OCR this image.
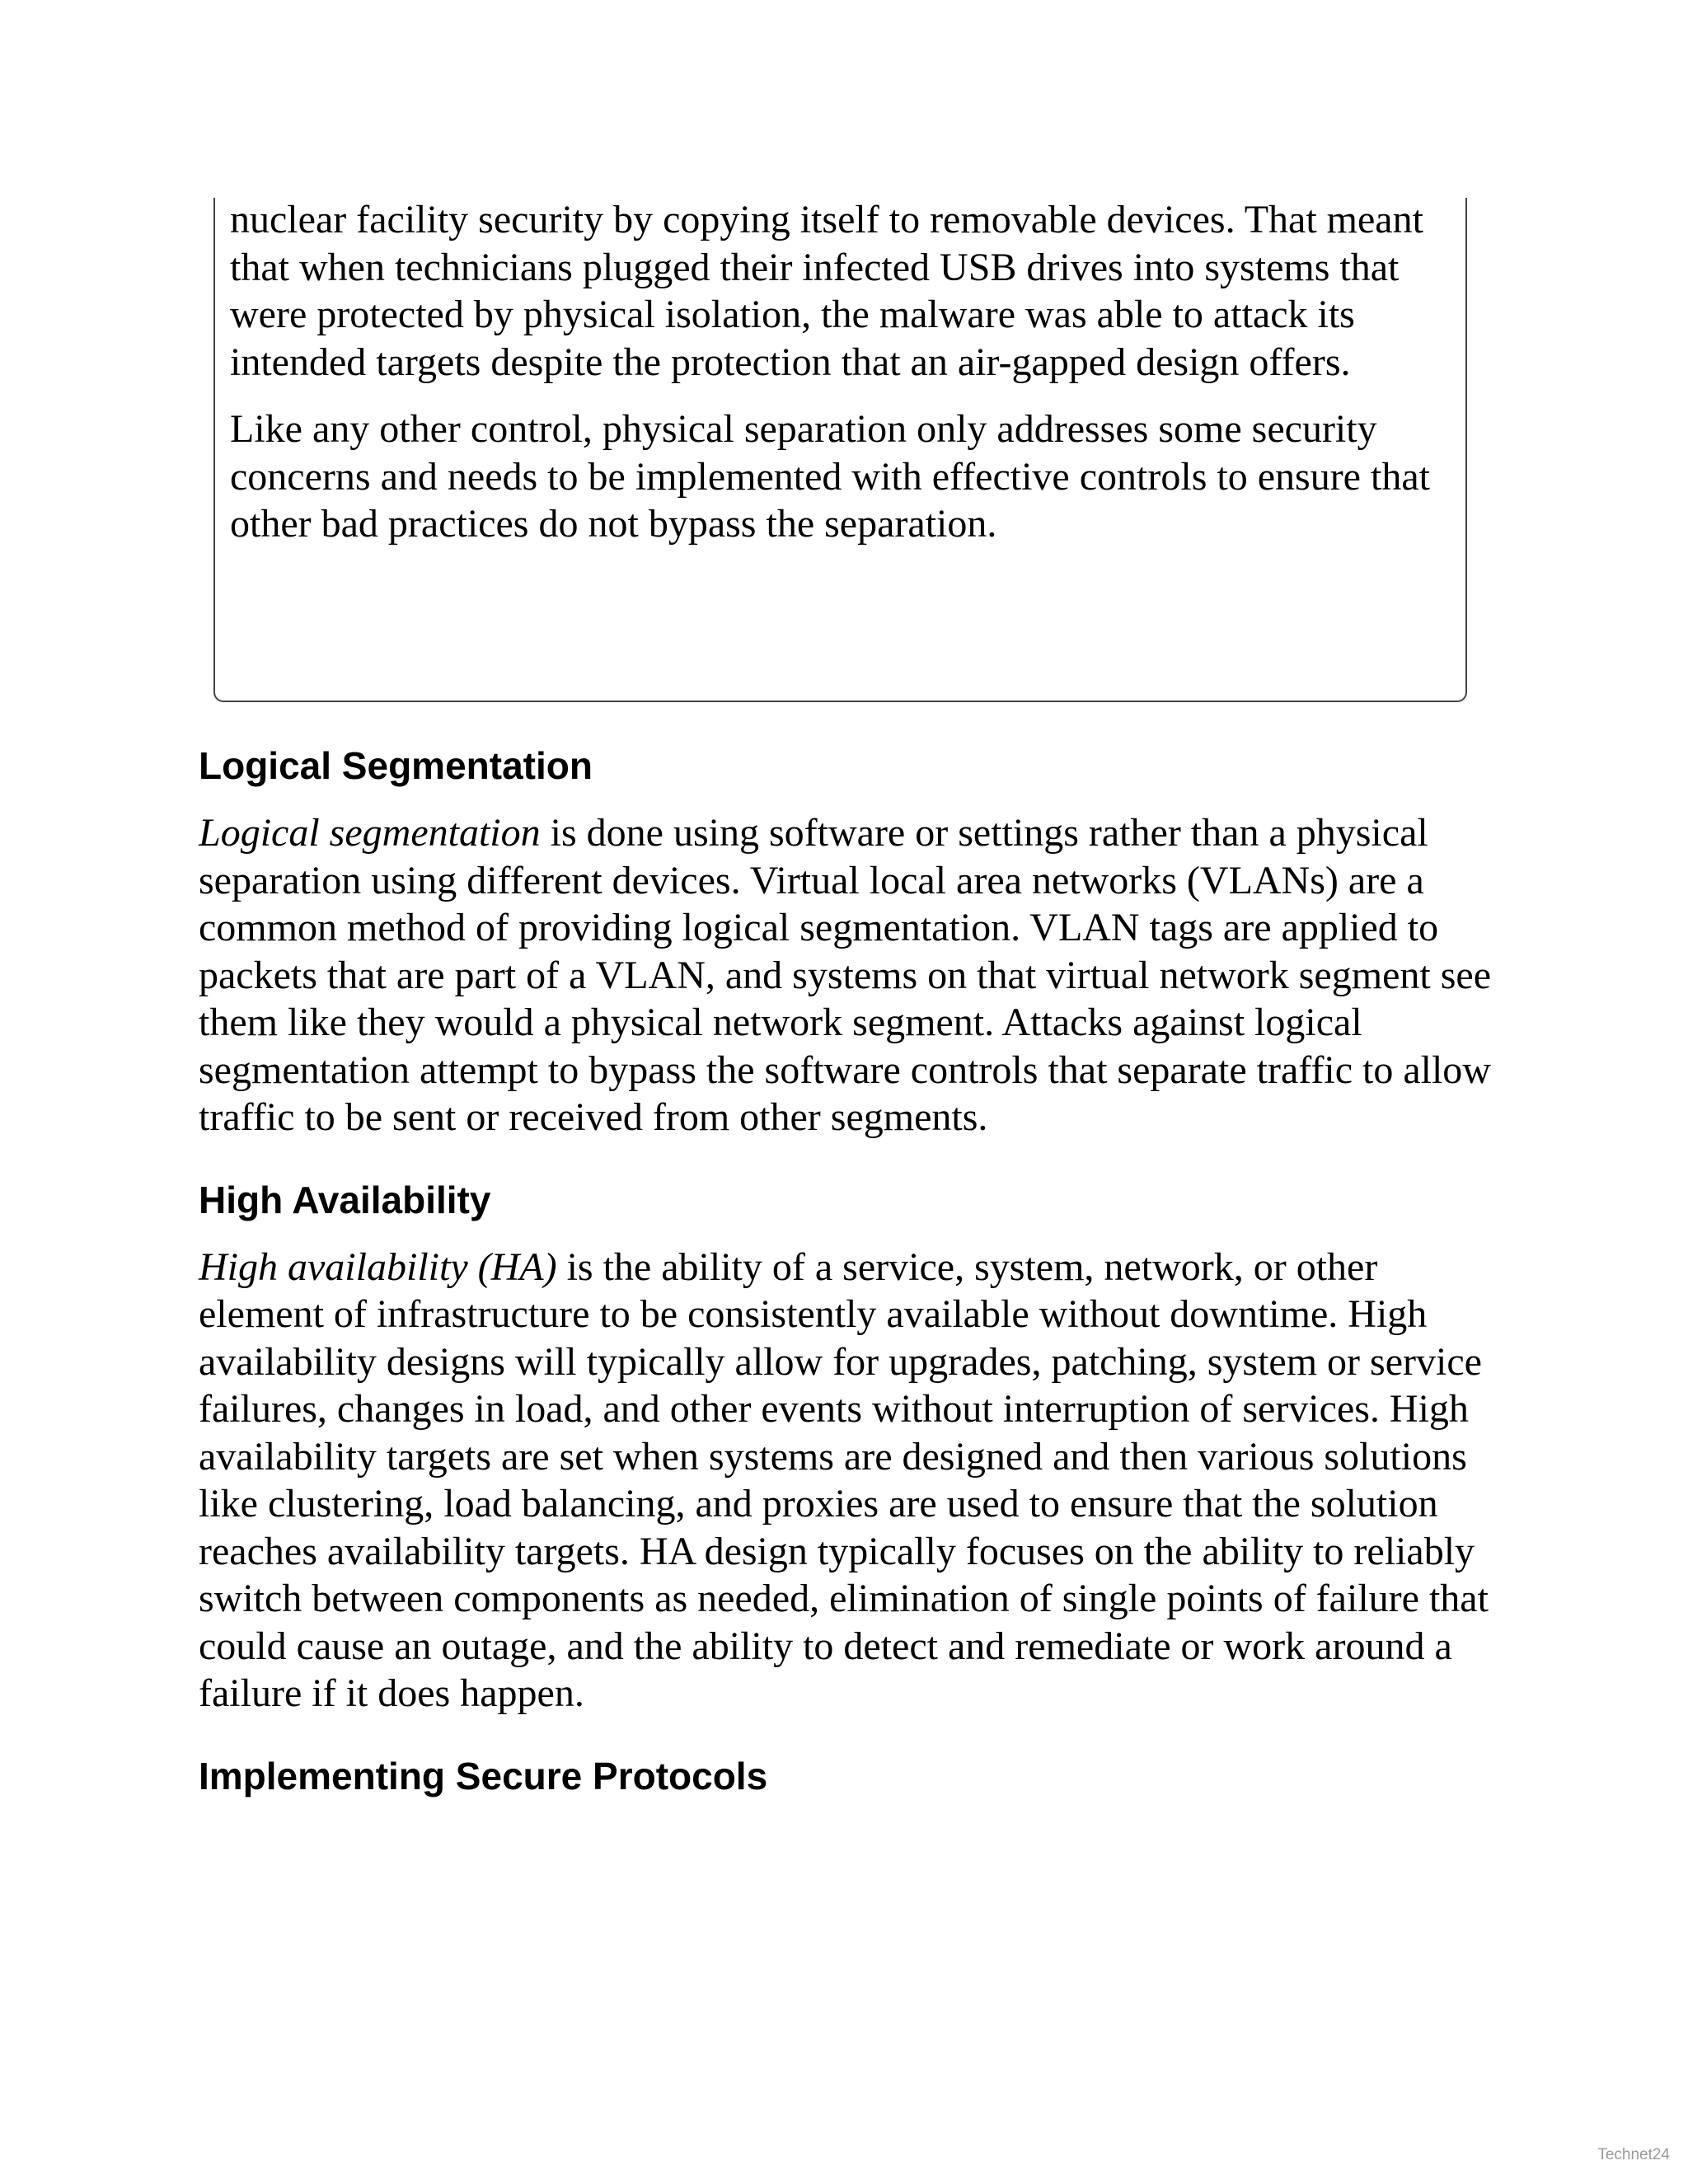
nuclear facility security by copying itself to removable devices. That meant that when technicians plugged their infected USB drives into systems that were protected by physical isolation, the malware was able to attack its intended targets despite the protection that an air-gapped design offers.

Like any other control, physical separation only addresses some security concerns and needs to be implemented with effective controls to ensure that other bad practices do not bypass the separation.

Logical Segmentation

Logical segmentation is done using software or settings rather than a physical separation using different devices. Virtual local area networks (VLANs) are a common method of providing logical segmentation. VLAN tags are applied to packets that are part of a VLAN, and systems on that virtual network segment see them like they would a physical network segment. Attacks against logical segmentation attempt to bypass the software controls that separate traffic to allow traffic to be sent or received from other segments.

High Availability

High availability (HA) is the ability of a service, system, network, or other element of infrastructure to be consistently available without downtime. High availability designs will typically allow for upgrades, patching, system or service failures, changes in load, and other events without interruption of services. High availability targets are set when systems are designed and then various solutions like clustering, load balancing, and proxies are used to ensure that the solution reaches availability targets. HA design typically focuses on the ability to reliably switch between components as needed, elimination of single points of failure that could cause an outage, and the ability to detect and remediate or work around a failure if it does happen.

Implementing Secure Protocols
Technet24
